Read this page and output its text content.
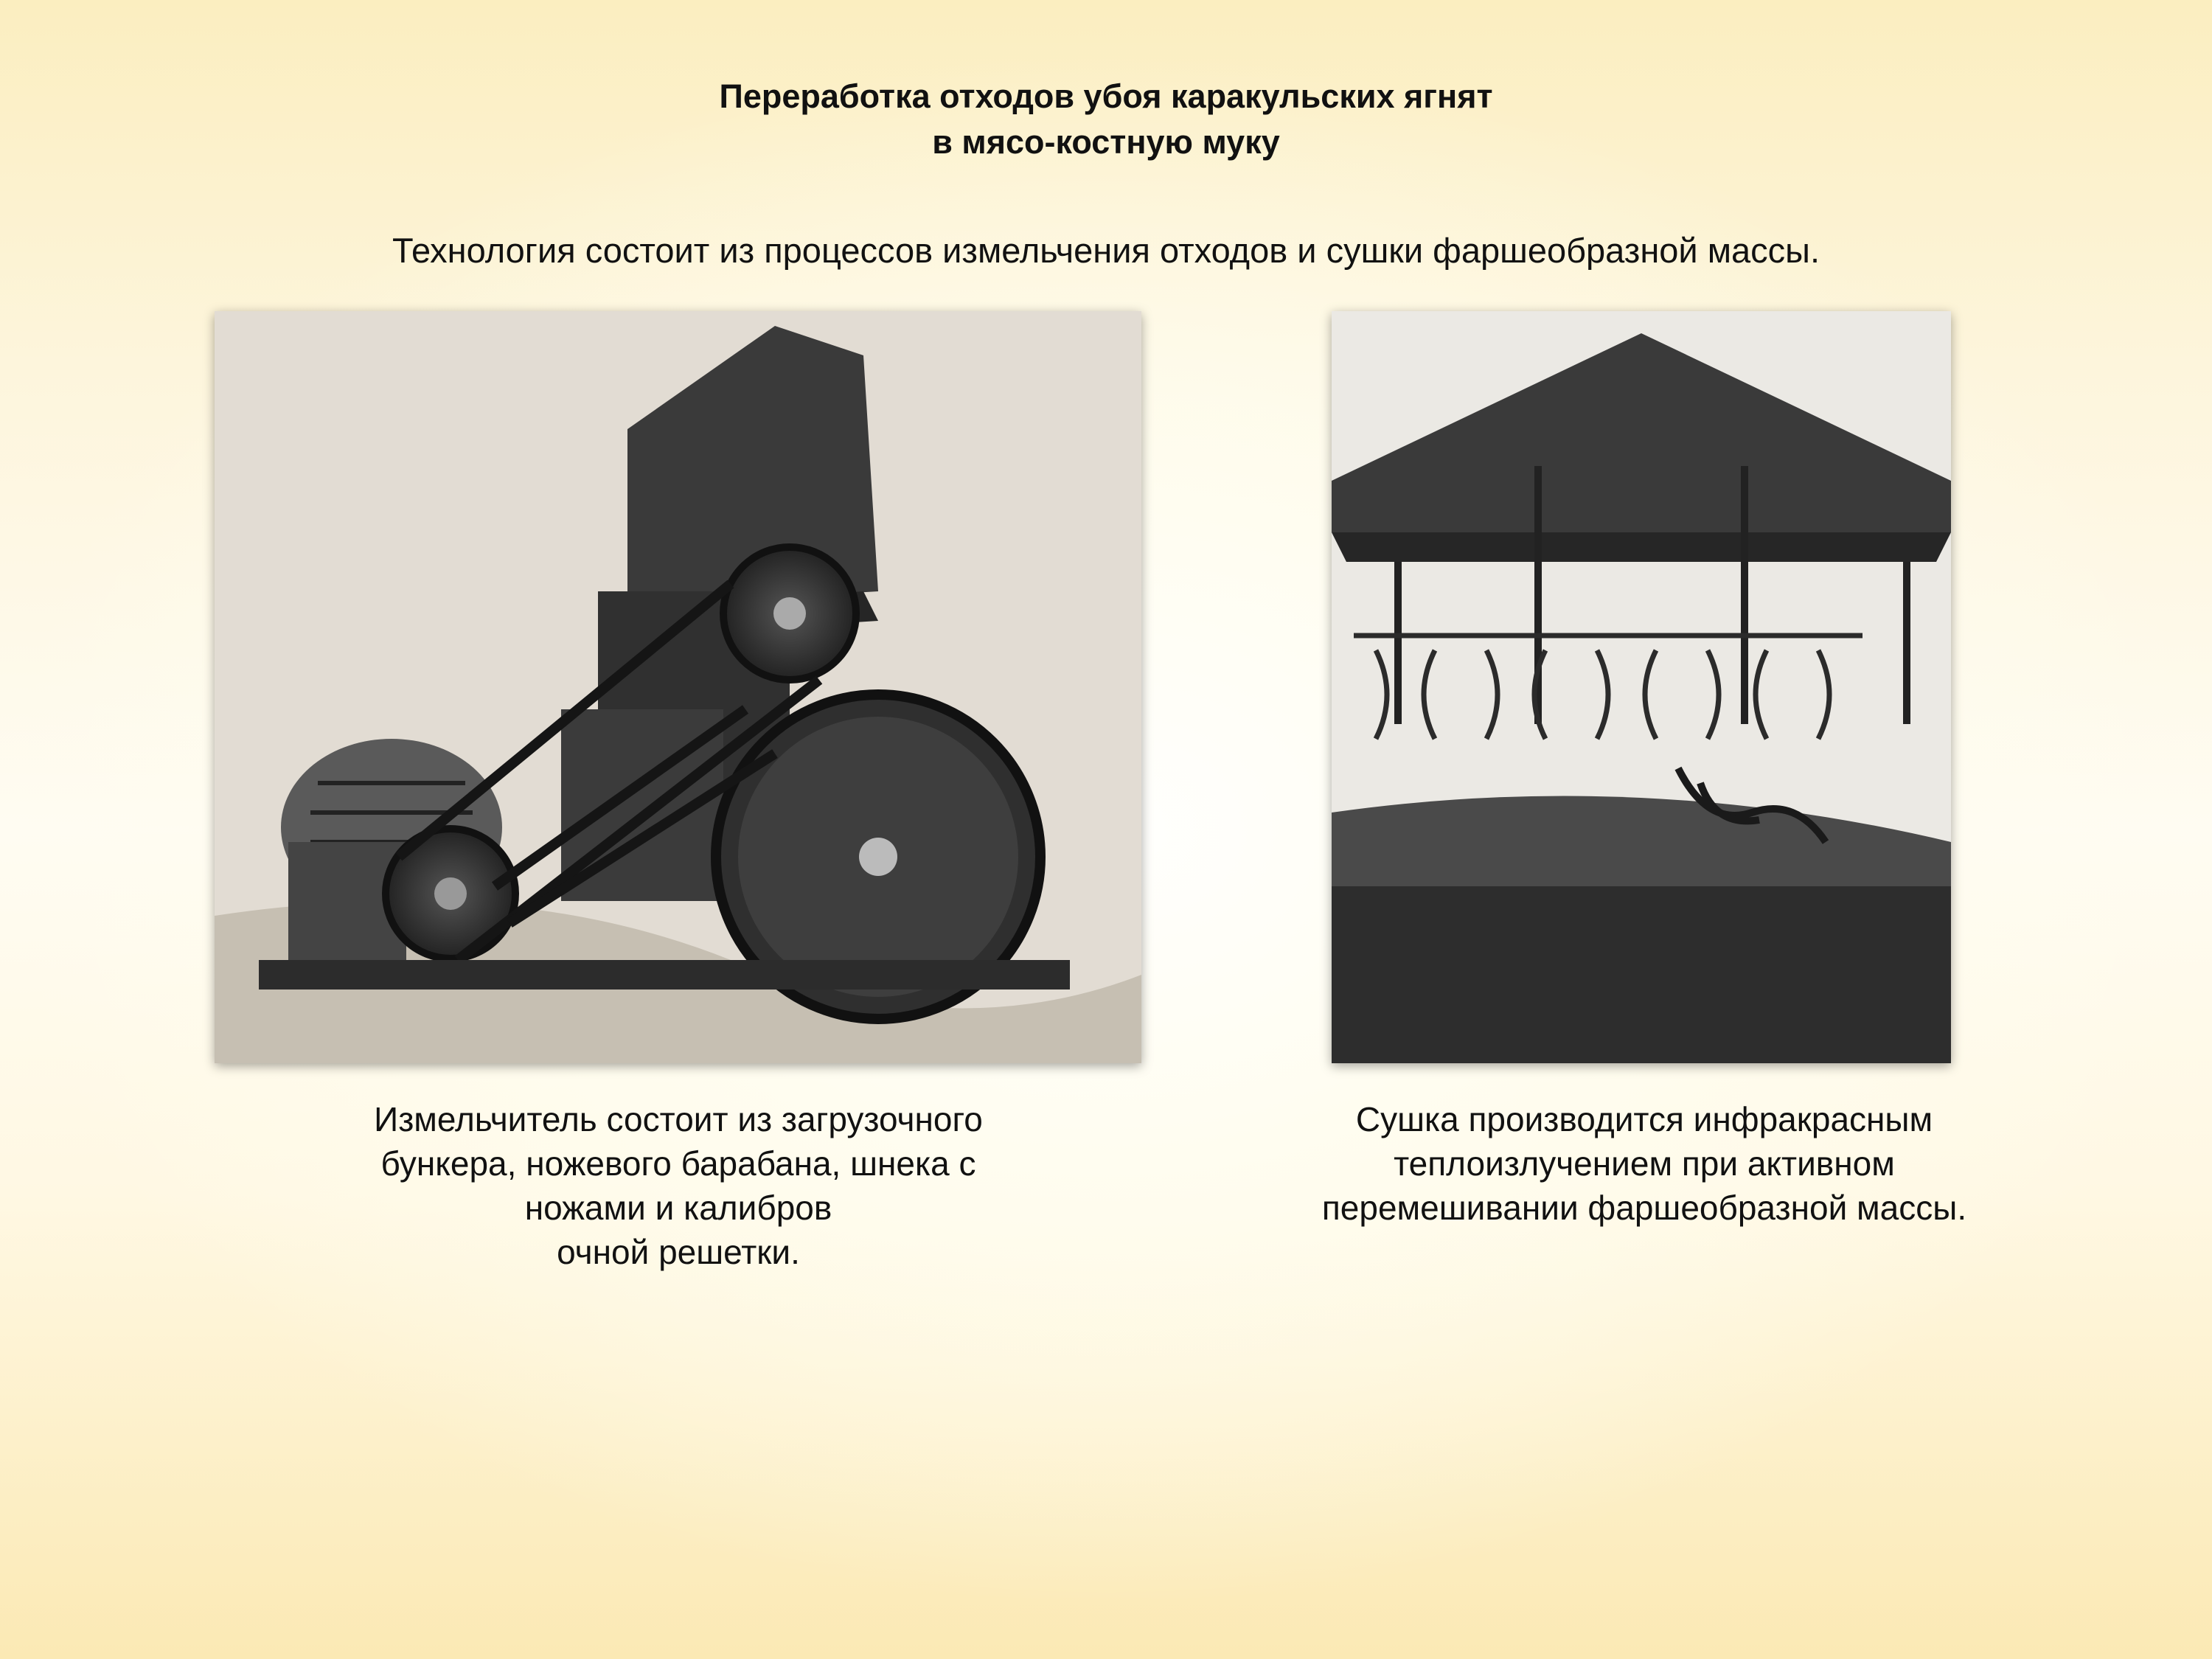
Переработка отходов убоя каракульских ягнят
в мясо-костную муку
Технология состоит из процессов измельчения отходов и сушки фаршеобразной массы.
Измельчитель состоит из загрузочного
бункера, ножевого барабана, шнека с
ножами и калибров
очной решетки.
Сушка производится инфракрасным
теплоизлучением при активном
перемешивании фаршеобразной массы.
